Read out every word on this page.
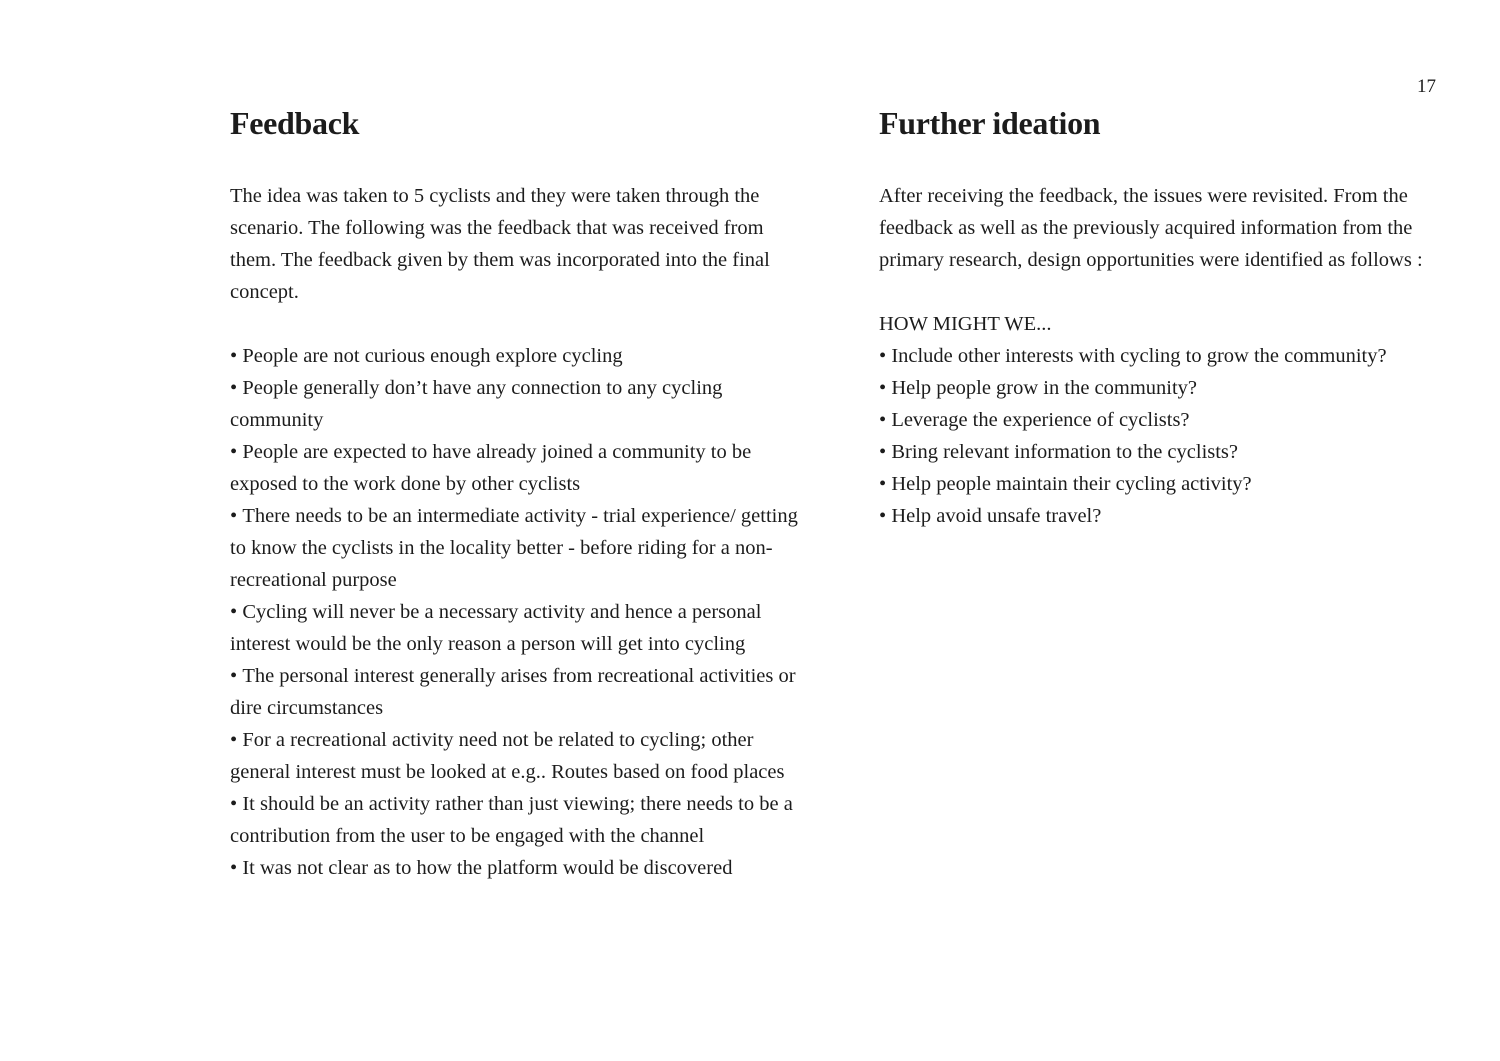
17
Feedback

The idea was taken to 5 cyclists and they were taken through the scenario. The following was the feedback that was received from them. The feedback given by them was incorporated into the final concept.

• People are not curious enough explore cycling
• People generally don’t have any connection to any cycling community
• People are expected to have already joined a community to be exposed to the work done by other cyclists
• There needs to be an intermediate activity - trial experience/ getting to know the cyclists in the locality better - before riding for a non-recreational purpose
• Cycling will never be a necessary activity and hence a personal interest would be the only reason a person will get into cycling
• The personal interest generally arises from recreational activities or dire circumstances
• For a recreational activity need not be related to cycling; other general interest must be looked at e.g.. Routes based on food places
• It should be an activity rather than just viewing; there needs to be a contribution from the user to be engaged with the channel
• It was not clear as to how the platform would be discovered
Further ideation

After receiving the feedback, the issues were revisited. From the feedback as well as the previously acquired information from the primary research, design opportunities were identified as follows :

HOW MIGHT WE...
• Include other interests with cycling to grow the community?
• Help people grow in the community?
• Leverage the experience of cyclists?
• Bring relevant information to the cyclists?
• Help people maintain their cycling activity?
• Help avoid unsafe travel?
